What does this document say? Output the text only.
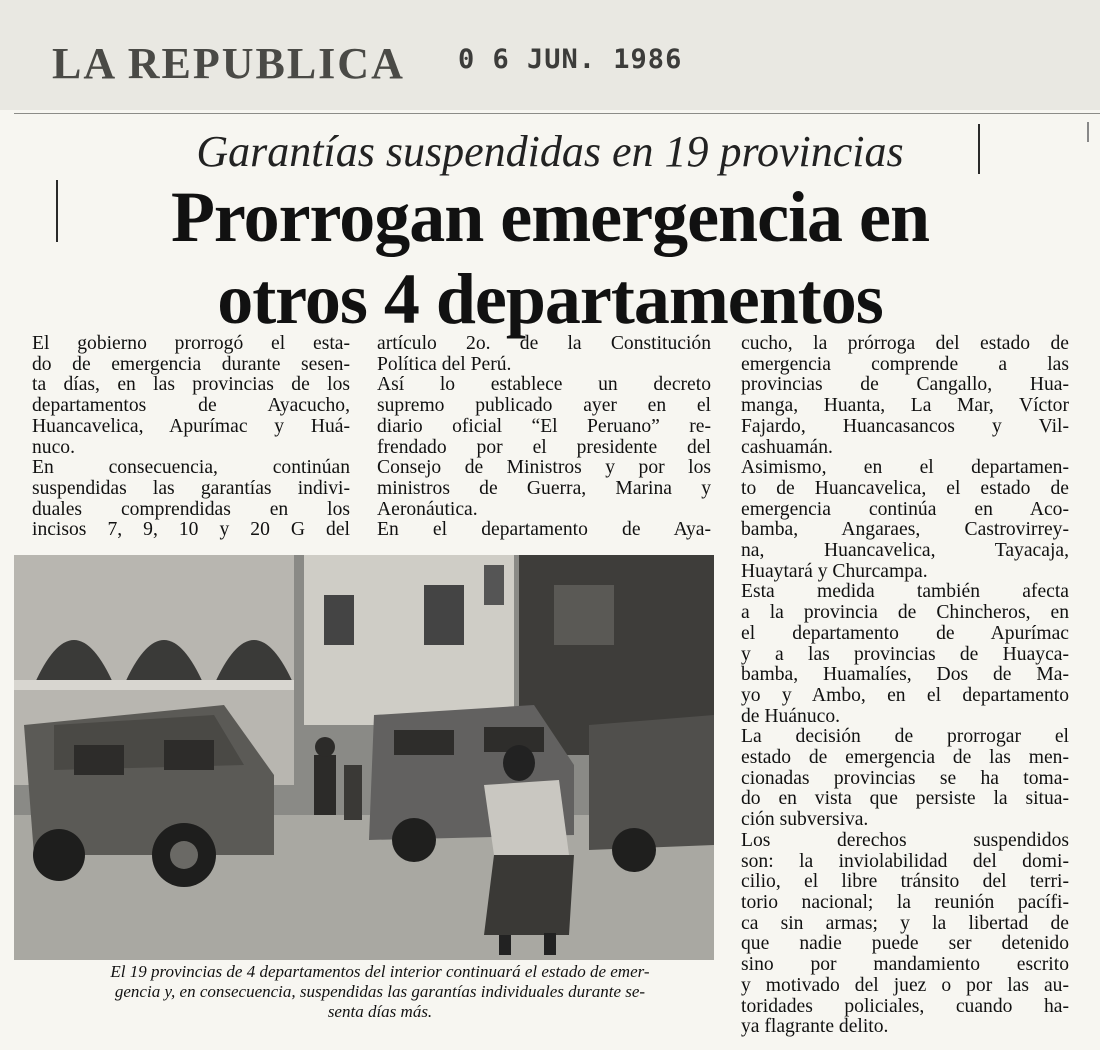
LA REPUBLICA 0 6 JUN. 1986
Garantías suspendidas en 19 provincias
Prorrogan emergencia en
otros 4 departamentos

El gobierno prorrogó el esta-

do de emergencia durante sesen-

ta días, en las provincias de los

departamentos de Ayacucho,

Huancavelica, Apurímac y Huá-

nuco.

En consecuencia, continúan

suspendidas las garantías indivi-

duales comprendidas en los

incisos 7, 9, 10 y 20 G del

artículo 2o. de la Constitución

Política del Perú.

Así lo establece un decreto

supremo publicado ayer en el

diario oficial “El Peruano” re-

frendado por el presidente del

Consejo de Ministros y por los

ministros de Guerra, Marina y

Aeronáutica.

En el departamento de Aya-

cucho, la prórroga del estado de

emergencia comprende a las

provincias de Cangallo, Hua-

manga, Huanta, La Mar, Víctor

Fajardo, Huancasancos y Vil-

cashuamán.

Asimismo, en el departamen-

to de Huancavelica, el estado de

emergencia continúa en Aco-

bamba, Angaraes, Castrovirrey-

na, Huancavelica, Tayacaja,

Huaytará y Churcampa.

Esta medida también afecta

a la provincia de Chincheros, en

el departamento de Apurímac

y a las provincias de Huayca-

bamba, Huamalíes, Dos de Ma-

yo y Ambo, en el departamento

de Huánuco.

La decisión de prorrogar el

estado de emergencia de las men-

cionadas provincias se ha toma-

do en vista que persiste la situa-

ción subversiva.

Los derechos suspendidos

son: la inviolabilidad del domi-

cilio, el libre tránsito del terri-

torio nacional; la reunión pacífi-

ca sin armas; y la libertad de

que nadie puede ser detenido

sino por mandamiento escrito

y motivado del juez o por las au-

toridades policiales, cuando ha-

ya flagrante delito.

El 19 provincias de 4 departamentos del interior continuará el estado de emer-

gencia y, en consecuencia, suspendidas las garantías individuales durante se-

senta días más.
